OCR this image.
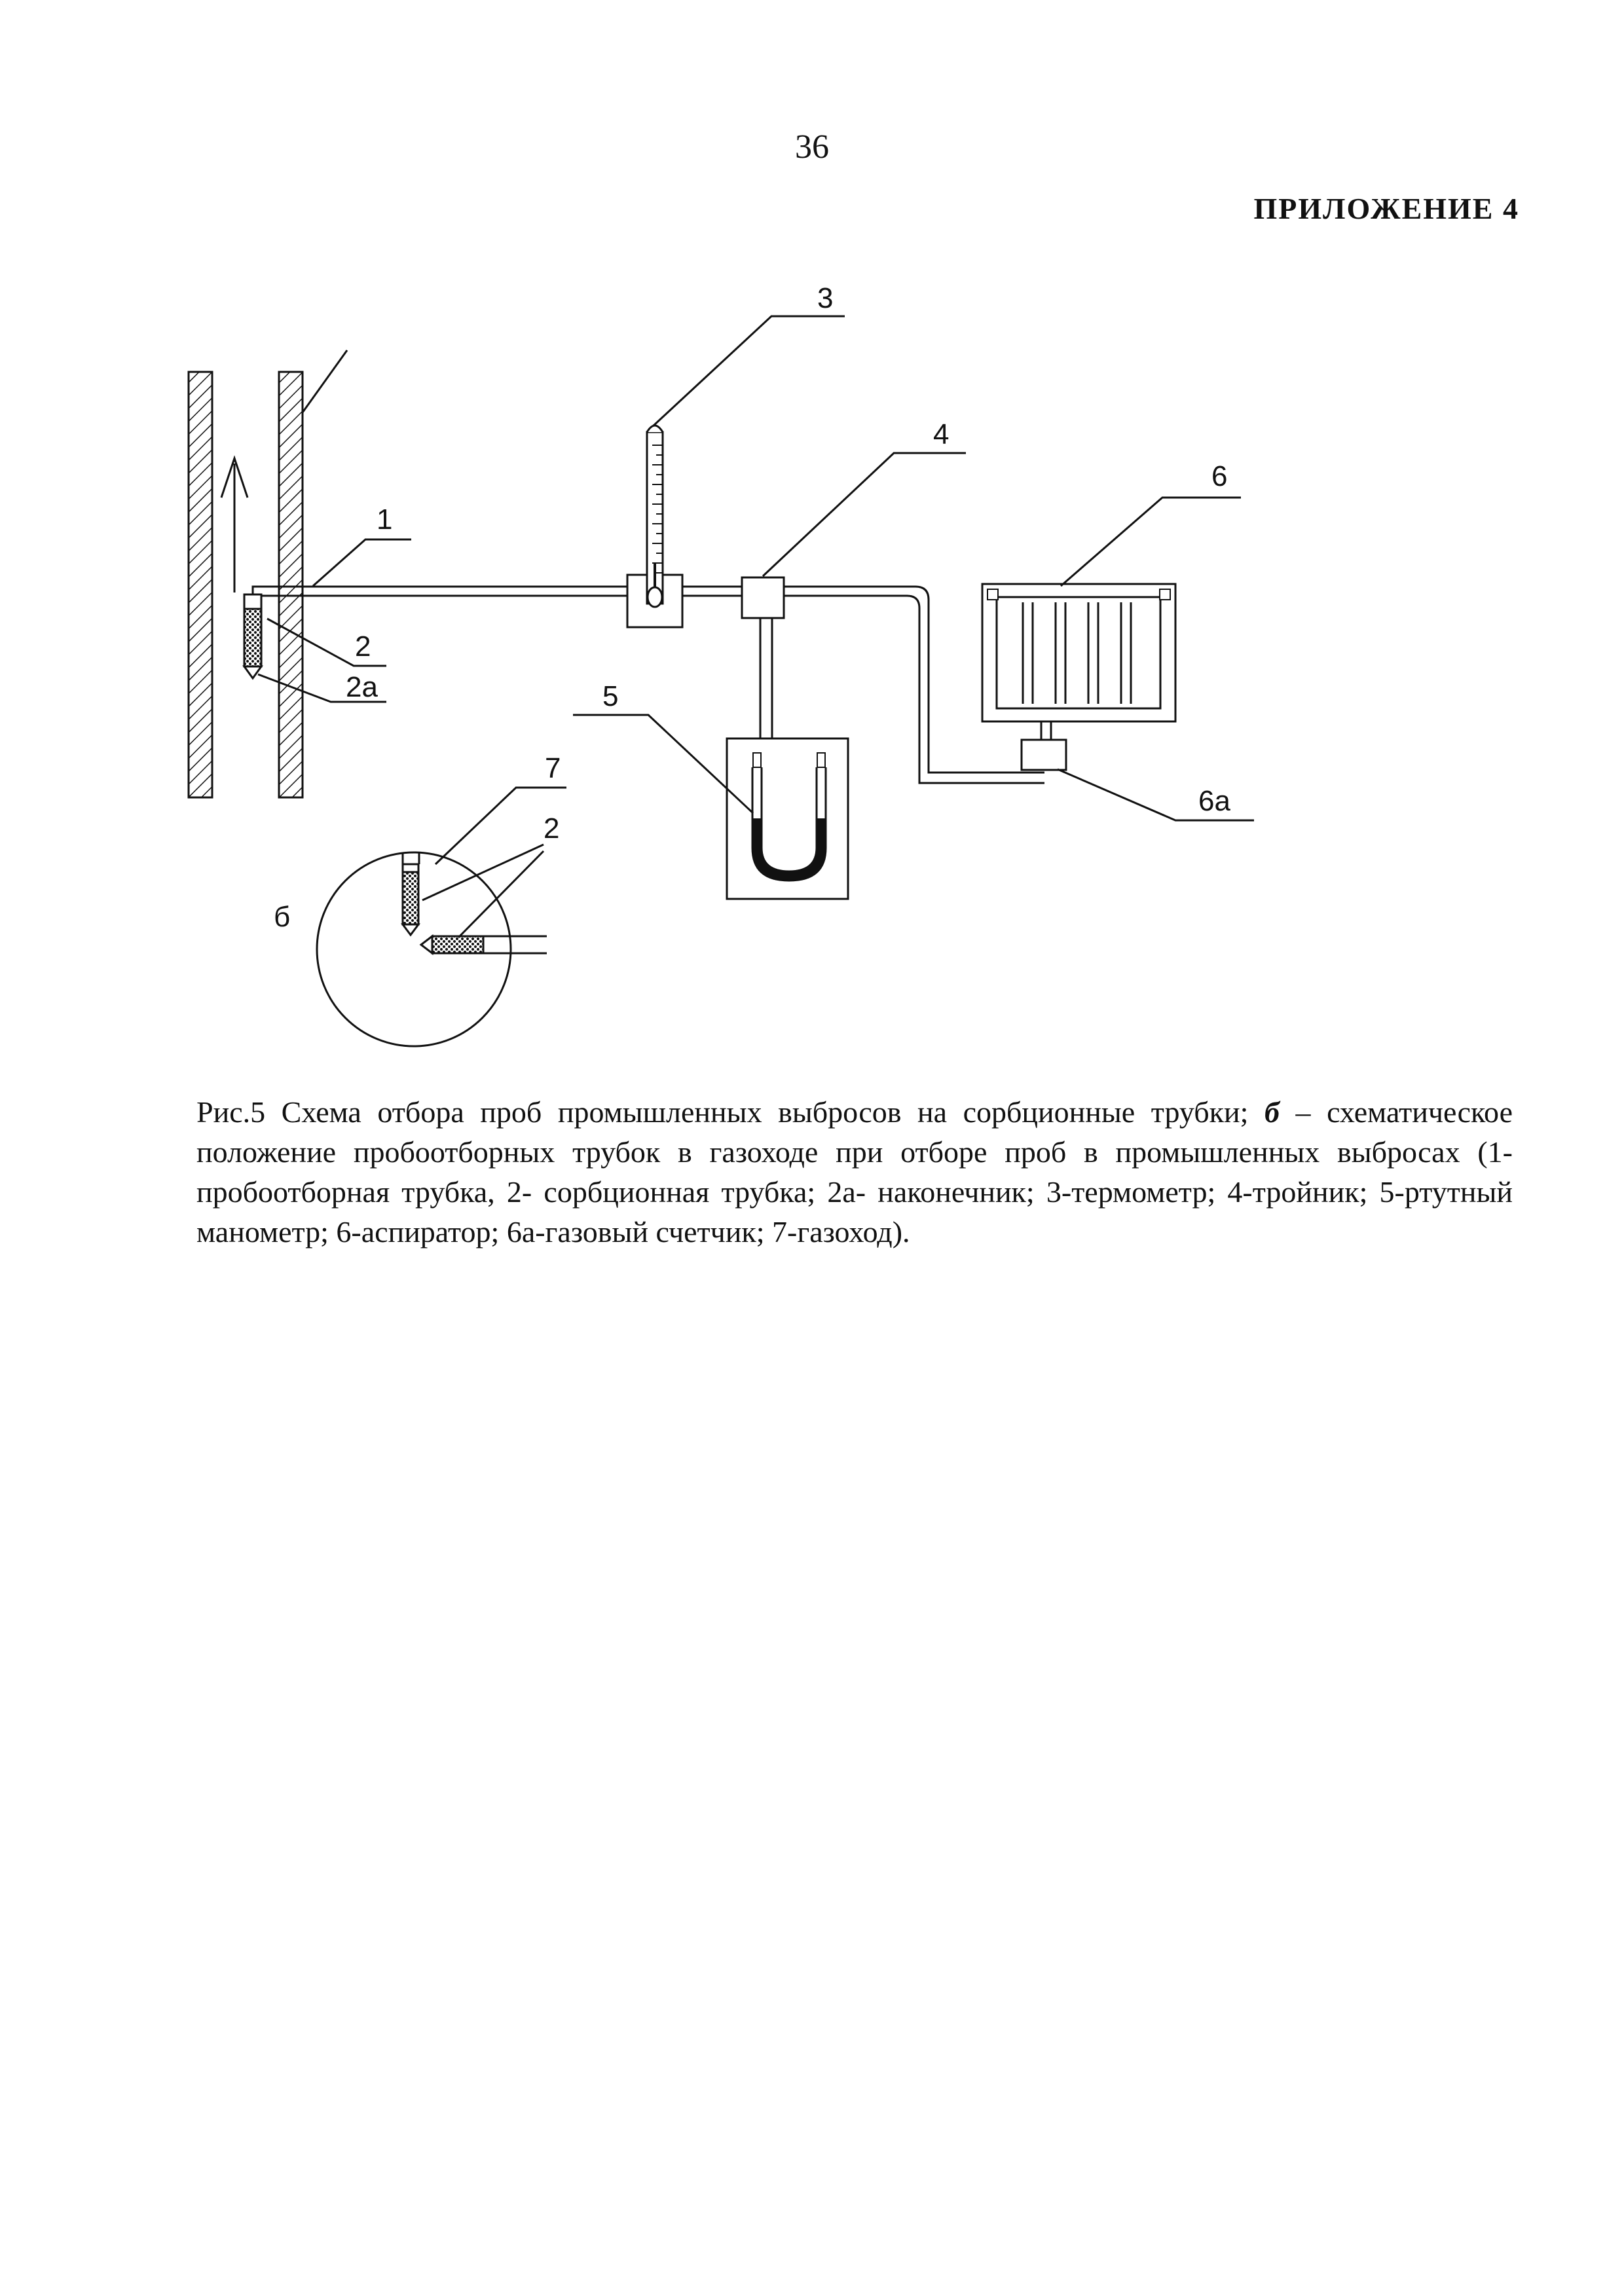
36
ПРИЛОЖЕНИЕ 4
3
4
6
1
2
2а	5
6а
7
2
б
Рис.5 Схема отбора проб промышленных выбросов на сорбционные трубки; б – схематическое положение пробоотборных трубок в газоходе при отборе проб в промышленных выбросах (1-пробоотборная трубка, 2- сорбционная трубка; 2а- наконечник; 3-термометр; 4-тройник; 5-ртутный манометр; 6-аспиратор; 6а-газовый счетчик; 7-газоход).
